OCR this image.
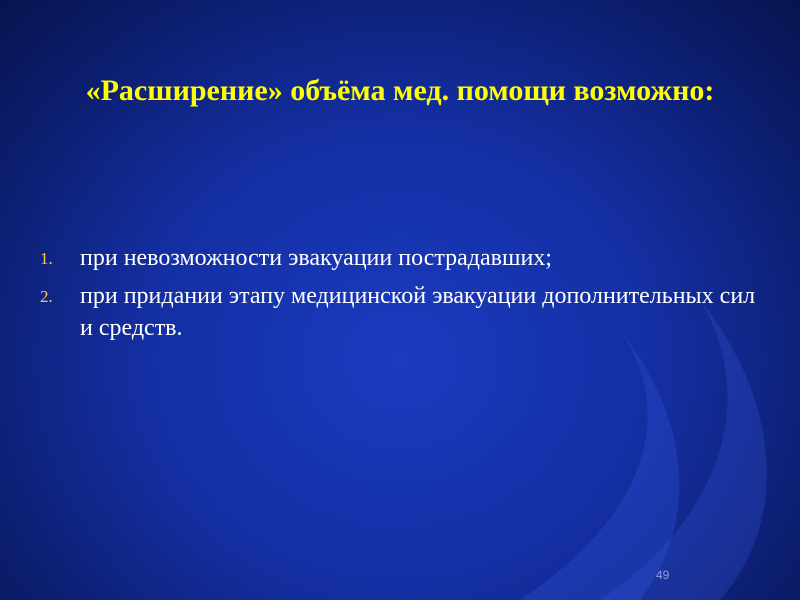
«Расширение» объёма мед. помощи возможно:
1.	при невозможности эвакуации пострадавших;
2.	при придании этапу медицинской эвакуации дополнительных сил и средств.
49
